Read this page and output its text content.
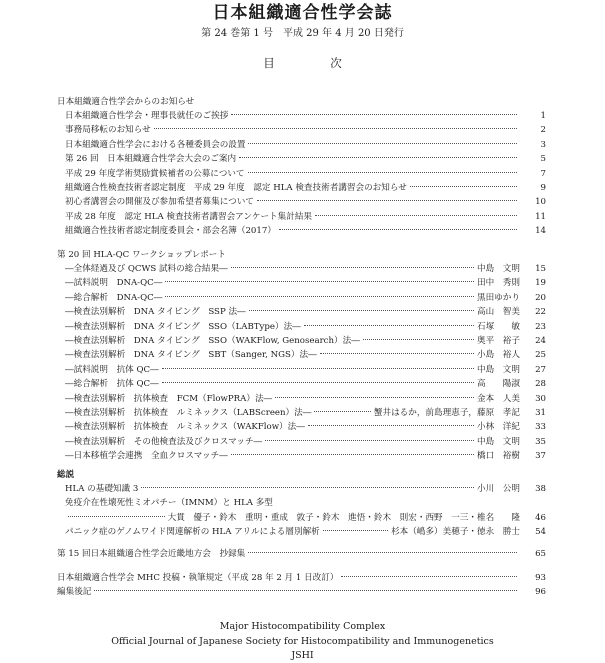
日本組織適合性学会誌
第 24 巻第 1 号　平成 29 年 4 月 20 日発行
目　次
日本組織適合性学会からのお知らせ
日本組織適合性学会・理事長就任のご挨拶	1
事務局移転のお知らせ	2
日本組織適合性学会における各種委員会の設置	3
第 26 回　日本組織適合性学会大会のご案内	5
平成 29 年度学術奨励賞候補者の公募について	7
組織適合性検査技術者認定制度　平成 29 年度　認定 HLA 検査技術者講習会のお知らせ	9
初心者講習会の開催及び参加希望者募集について	10
平成 28 年度　認定 HLA 検査技術者講習会アンケート集計結果	11
組織適合性技術者認定制度委員会・部会名簿（2017）	14
第 20 回 HLA-QC ワークショップレポート
―全体経過及び QCWS 試料の総合結果―	中島　文明	15
―試料説明　DNA-QC―	田中　秀則	19
―総合解析　DNA-QC―	黒田ゆかり	20
―検査法別解析　DNA タイピング　SSP 法―	高山　智美	22
―検査法別解析　DNA タイピング　SSO（LABType）法―	石塚　　敏	23
―検査法別解析　DNA タイピング　SSO（WAKFlow, Genosearch）法―	奥平　裕子	24
―検査法別解析　DNA タイピング　SBT（Sanger, NGS）法―	小島　裕人	25
―試料説明　抗体 QC―	中島　文明	27
―総合解析　抗体 QC―	高　　陽淑	28
―検査法別解析　抗体検査　FCM（FlowPRA）法―	金本　人美	30
―検査法別解析　抗体検査　ルミネックス（LABScreen）法―	蟹井はるか，前島理恵子，藤原　孝記	31
―検査法別解析　抗体検査　ルミネックス（WAKFlow）法―	小林　洋紀	33
―検査法別解析　その他検査法及びクロスマッチ―	中島　文明	35
―日本移植学会連携　全血クロスマッチ―	橋口　裕樹	37
総説
HLA の基礎知識 3	小川　公明	38
免疫介在性壊死性ミオパチー（IMNM）と HLA 多型
大貫　優子・鈴木　重明・重成　敦子・鈴木　進悟・鈴木　則宏・西野　一三・椎名　　隆	46
パニック症のゲノムワイド関連解析の HLA アリルによる層別解析	杉本（嶋多）美穂子・徳永　勝士	54
第 15 回日本組織適合性学会近畿地方会　抄録集	65
日本組織適合性学会 MHC 投稿・執筆規定（平成 28 年 2 月 1 日改訂）	93
編集後記	96
Major Histocompatibility Complex
Official Journal of Japanese Society for Histocompatibility and Immunogenetics
JSHI
